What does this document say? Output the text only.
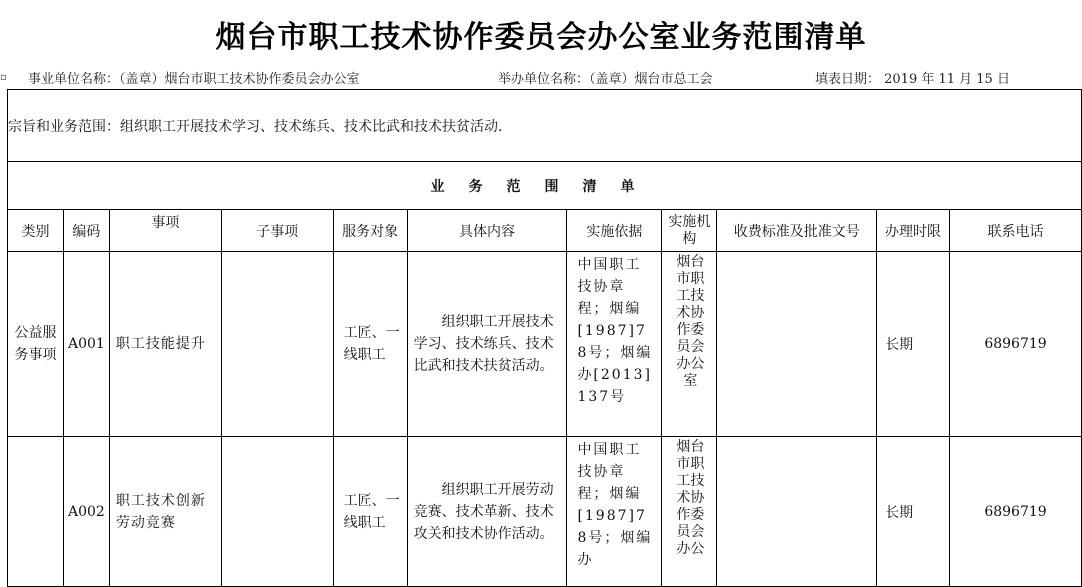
烟台市职工技术协作委员会办公室业务范围清单
▫ 事业单位名称：（盖章）烟台市职工技术协作委员会办公室	举办单位名称：（盖章）烟台市总工会	填表日期： 2019 年 11 月 15 日
宗旨和业务范围：组织职工开展技术学习、技术练兵、技术比武和技术扶贫活动.										
业务范围清单										
类别	编码	事项	子事项	服务对象	具体内容	实施依据	实施机构	收费标准及批准文号	办理时限	联系电话
公益服务事项	A001	职工技能提升		工匠、一线职工	组织职工开展技术学习、技术练兵、技术比武和技术扶贫活动。	中国职工技协章程；烟编[1987]78号；烟编办[2013]137号	烟台市职工技术协作委员会办公室		长期	6896719
	A002	职工技术创新劳动竞赛		工匠、一线职工	组织职工开展劳动竞赛、技术革新、技术攻关和技术协作活动。	中国职工技协章程；烟编[1987]78号；烟编办	烟台市职工技术协作委员会办公		长期	6896719
